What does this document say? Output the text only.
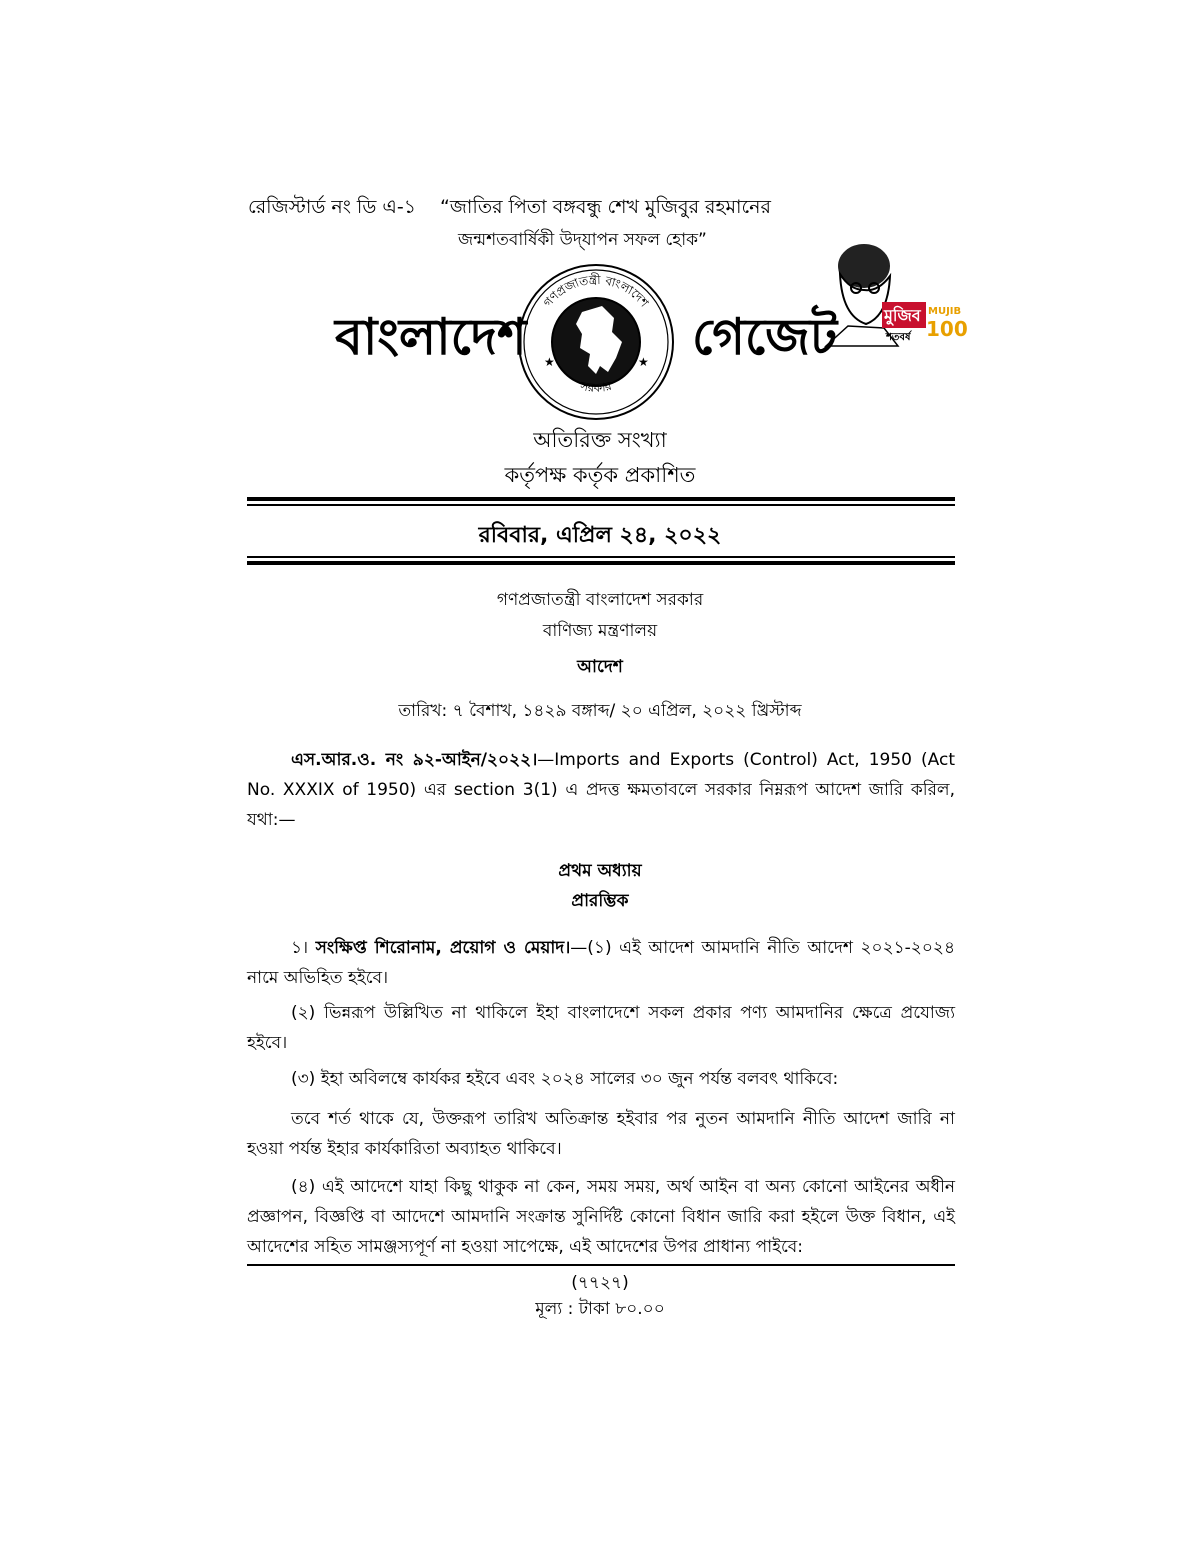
রেজিস্টার্ড নং ডি এ-১ “জাতির পিতা বঙ্গবন্ধু শেখ মুজিবুর রহমানের
জন্মশতবার্ষিকী উদ্‌যাপন সফল হোক”
বাংলাদেশ
গণপ্রজাতন্ত্রী বাংলাদেশ
সরকার
★	★ গেজেট	মুজিব
শতবর্ষ
MUJIB
100
অতিরিক্ত সংখ্যা
কর্তৃপক্ষ কর্তৃক প্রকাশিত
রবিবার, এপ্রিল ২৪, ২০২২
গণপ্রজাতন্ত্রী বাংলাদেশ সরকার
বাণিজ্য মন্ত্রণালয়
আদেশ
তারিখ: ৭ বৈশাখ, ১৪২৯ বঙ্গাব্দ/ ২০ এপ্রিল, ২০২২ খ্রিস্টাব্দ
এস.আর.ও. নং ৯২-আইন/২০২২।—Imports and Exports (Control) Act, 1950 (Act No. XXXIX of 1950) এর section 3(1) এ প্রদত্ত ক্ষমতাবলে সরকার নিম্নরূপ আদেশ জারি করিল, যথা:—
প্রথম অধ্যায়
প্রারম্ভিক
১। সংক্ষিপ্ত শিরোনাম, প্রয়োগ ও মেয়াদ।—(১) এই আদেশ আমদানি নীতি আদেশ ২০২১-২০২৪ নামে অভিহিত হইবে।
(২) ভিন্নরূপ উল্লিখিত না থাকিলে ইহা বাংলাদেশে সকল প্রকার পণ্য আমদানির ক্ষেত্রে প্রযোজ্য হইবে।
(৩) ইহা অবিলম্বে কার্যকর হইবে এবং ২০২৪ সালের ৩০ জুন পর্যন্ত বলবৎ থাকিবে:
তবে শর্ত থাকে যে, উক্তরূপ তারিখ অতিক্রান্ত হইবার পর নুতন আমদানি নীতি আদেশ জারি না হওয়া পর্যন্ত ইহার কার্যকারিতা অব্যাহত থাকিবে।
(৪) এই আদেশে যাহা কিছু থাকুক না কেন, সময় সময়, অর্থ আইন বা অন্য কোনো আইনের অধীন প্রজ্ঞাপন, বিজ্ঞপ্তি বা আদেশে আমদানি সংক্রান্ত সুনির্দিষ্ট কোনো বিধান জারি করা হইলে উক্ত বিধান, এই আদেশের সহিত সামঞ্জস্যপূর্ণ না হওয়া সাপেক্ষে, এই আদেশের উপর প্রাধান্য পাইবে:
(৭৭২৭)
মূল্য : টাকা ৮০.০০
